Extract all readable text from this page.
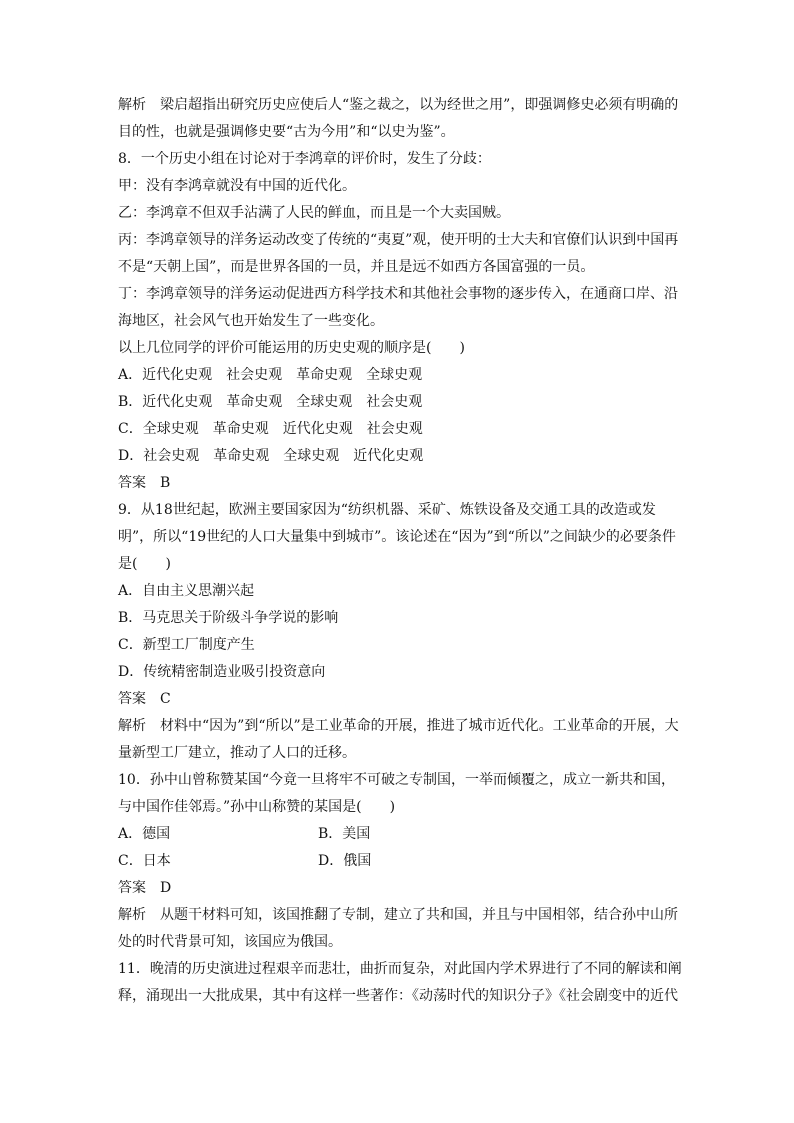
解析 梁启超指出研究历史应使后人“鉴之裁之，以为经世之用”，即强调修史必须有明确的目的性，也就是强调修史要“古为今用”和“以史为鉴”。

8．一个历史小组在讨论对于李鸿章的评价时，发生了分歧：

甲：没有李鸿章就没有中国的近代化。

乙：李鸿章不但双手沾满了人民的鲜血，而且是一个大卖国贼。

丙：李鸿章领导的洋务运动改变了传统的“夷夏”观，使开明的士大夫和官僚们认识到中国再不是“天朝上国”，而是世界各国的一员，并且是远不如西方各国富强的一员。

丁：李鸿章领导的洋务运动促进西方科学技术和其他社会事物的逐步传入，在通商口岸、沿海地区，社会风气也开始发生了一些变化。

以上几位同学的评价可能运用的历史史观的顺序是(　　)

A．近代化史观　社会史观　革命史观　全球史观

B．近代化史观　革命史观　全球史观　社会史观

C．全球史观　革命史观　近代化史观　社会史观

D．社会史观　革命史观　全球史观　近代化史观

答案 B

9．从18世纪起，欧洲主要国家因为“纺织机器、采矿、炼铁设备及交通工具的改造或发明”，所以“19世纪的人口大量集中到城市”。该论述在“因为”到“所以”之间缺少的必要条件是(　　)

A．自由主义思潮兴起

B．马克思关于阶级斗争学说的影响

C．新型工厂制度产生

D．传统精密制造业吸引投资意向

答案 C

解析 材料中“因为”到“所以”是工业革命的开展，推进了城市近代化。工业革命的开展，大量新型工厂建立，推动了人口的迁移。

10．孙中山曾称赞某国“今竟一旦将牢不可破之专制国，一举而倾覆之，成立一新共和国，与中国作佳邻焉。”孙中山称赞的某国是(　　)

A．德国	B．美国
C．日本	D．俄国

答案 D

解析 从题干材料可知，该国推翻了专制，建立了共和国，并且与中国相邻，结合孙中山所处的时代背景可知，该国应为俄国。

11．晚清的历史演进过程艰辛而悲壮，曲折而复杂，对此国内学术界进行了不同的解读和阐释，涌现出一大批成果，其中有这样一些著作：《动荡时代的知识分子》《社会剧变中的近代
